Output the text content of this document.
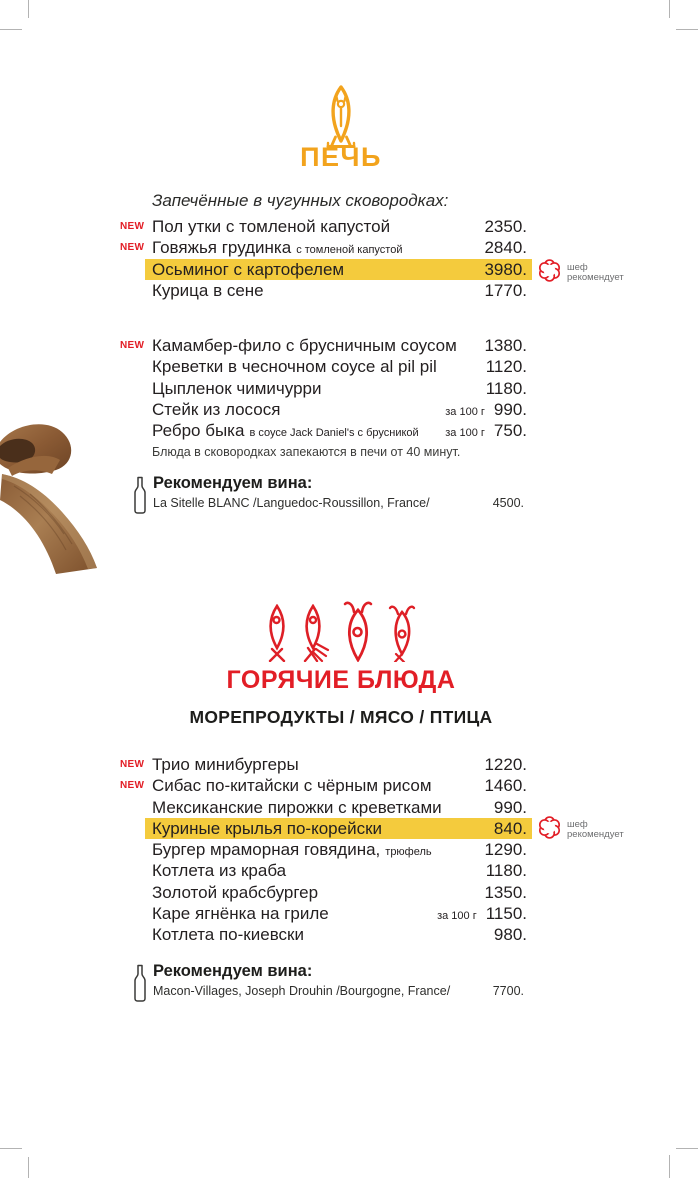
ПЕЧЬ
Запечённые в чугунных сковородках:
NEW Пол утки с томленой капустой	2350.
NEW Говяжья грудинка с томленой капустой	2840.
Осьминог с картофелем	3980.
Курица в сене	1770.
NEW Камамбер-фило с брусничным соусом 1380.
Креветки в чесночном соусе al pil pil	1120.
Цыпленок чимичурри	1180.
Стейк из лосося	за 100 г 990.
Ребро быка в соусе Jack Daniel's с брусникой за 100 г 750.
Блюда в сковородках запекаются в печи от 40 минут.
Рекомендуем вина:
La Sitelle BLANC /Languedoc-Roussillon, France/	4500.
ГОРЯЧИЕ БЛЮДА
МОРЕПРОДУКТЫ / МЯСО / ПТИЦА
NEW Трио минибургеры	1220.
NEW Сибас по-китайски с чёрным рисом	1460.
Мексиканские пирожки с креветками	990.
Куриные крылья по-корейски	840.
Бургер мраморная говядина, трюфель	1290.
Котлета из краба	1180.
Золотой крабсбургер	1350.
Каре ягнёнка на гриле	за 100 г 1150.
Котлета по-киевски	980.
Рекомендуем вина:
Macon-Villages, Joseph Drouhin /Bourgogne, France/	7700.
шеф
рекомендует
шеф
рекомендует
